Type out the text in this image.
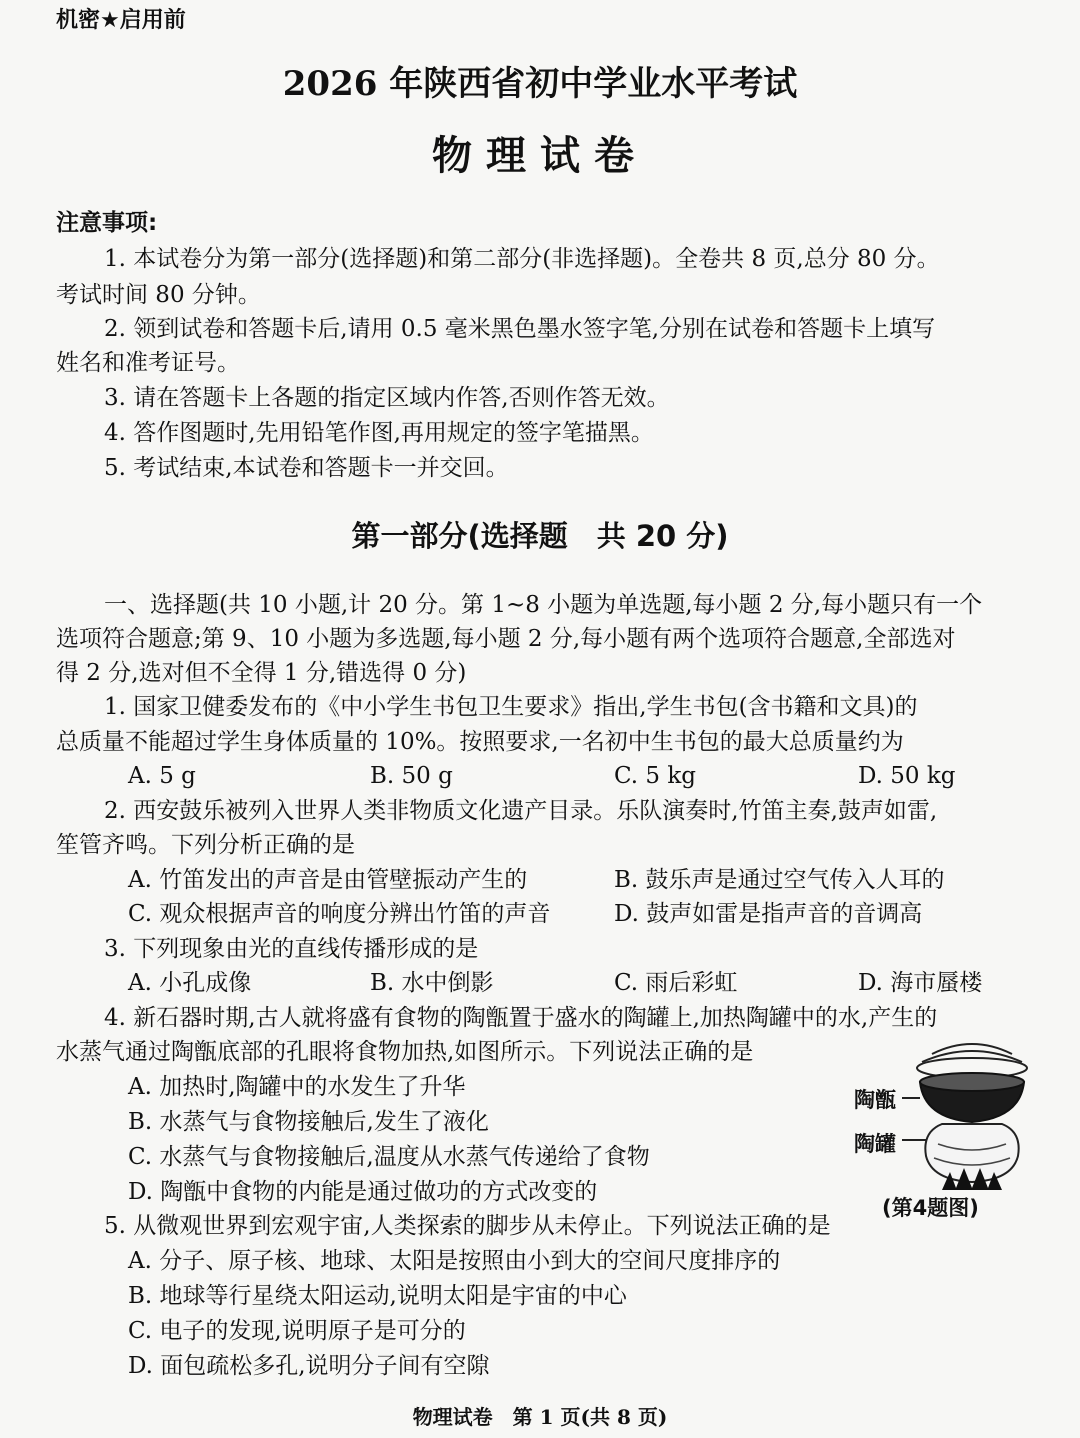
机密★启用前
2026 年陕西省初中学业水平考试
物理试卷
注意事项:
1. 本试卷分为第一部分(选择题)和第二部分(非选择题)。全卷共 8 页,总分 80 分。
考试时间 80 分钟。
2. 领到试卷和答题卡后,请用 0.5 毫米黑色墨水签字笔,分别在试卷和答题卡上填写
姓名和准考证号。
3. 请在答题卡上各题的指定区域内作答,否则作答无效。
4. 答作图题时,先用铅笔作图,再用规定的签字笔描黑。
5. 考试结束,本试卷和答题卡一并交回。
第一部分(选择题　共 20 分)
一、选择题(共 10 小题,计 20 分。第 1~8 小题为单选题,每小题 2 分,每小题只有一个
选项符合题意;第 9、10 小题为多选题,每小题 2 分,每小题有两个选项符合题意,全部选对
得 2 分,选对但不全得 1 分,错选得 0 分)
1. 国家卫健委发布的《中小学生书包卫生要求》指出,学生书包(含书籍和文具)的
总质量不能超过学生身体质量的 10%。按照要求,一名初中生书包的最大总质量约为
A. 5 g	B. 50 g	C. 5 kg	D. 50 kg
2. 西安鼓乐被列入世界人类非物质文化遗产目录。乐队演奏时,竹笛主奏,鼓声如雷,
笙管齐鸣。下列分析正确的是
A. 竹笛发出的声音是由管壁振动产生的	B. 鼓乐声是通过空气传入人耳的
C. 观众根据声音的响度分辨出竹笛的声音	D. 鼓声如雷是指声音的音调高
3. 下列现象由光的直线传播形成的是
A. 小孔成像	B. 水中倒影	C. 雨后彩虹	D. 海市蜃楼
4. 新石器时期,古人就将盛有食物的陶甑置于盛水的陶罐上,加热陶罐中的水,产生的
水蒸气通过陶甑底部的孔眼将食物加热,如图所示。下列说法正确的是
A. 加热时,陶罐中的水发生了升华
B. 水蒸气与食物接触后,发生了液化
C. 水蒸气与食物接触后,温度从水蒸气传递给了食物
D. 陶甑中食物的内能是通过做功的方式改变的
陶甑
陶罐
(第4题图)
5. 从微观世界到宏观宇宙,人类探索的脚步从未停止。下列说法正确的是
A. 分子、原子核、地球、太阳是按照由小到大的空间尺度排序的
B. 地球等行星绕太阳运动,说明太阳是宇宙的中心
C. 电子的发现,说明原子是可分的
D. 面包疏松多孔,说明分子间有空隙
物理试卷　第 1 页(共 8 页)
